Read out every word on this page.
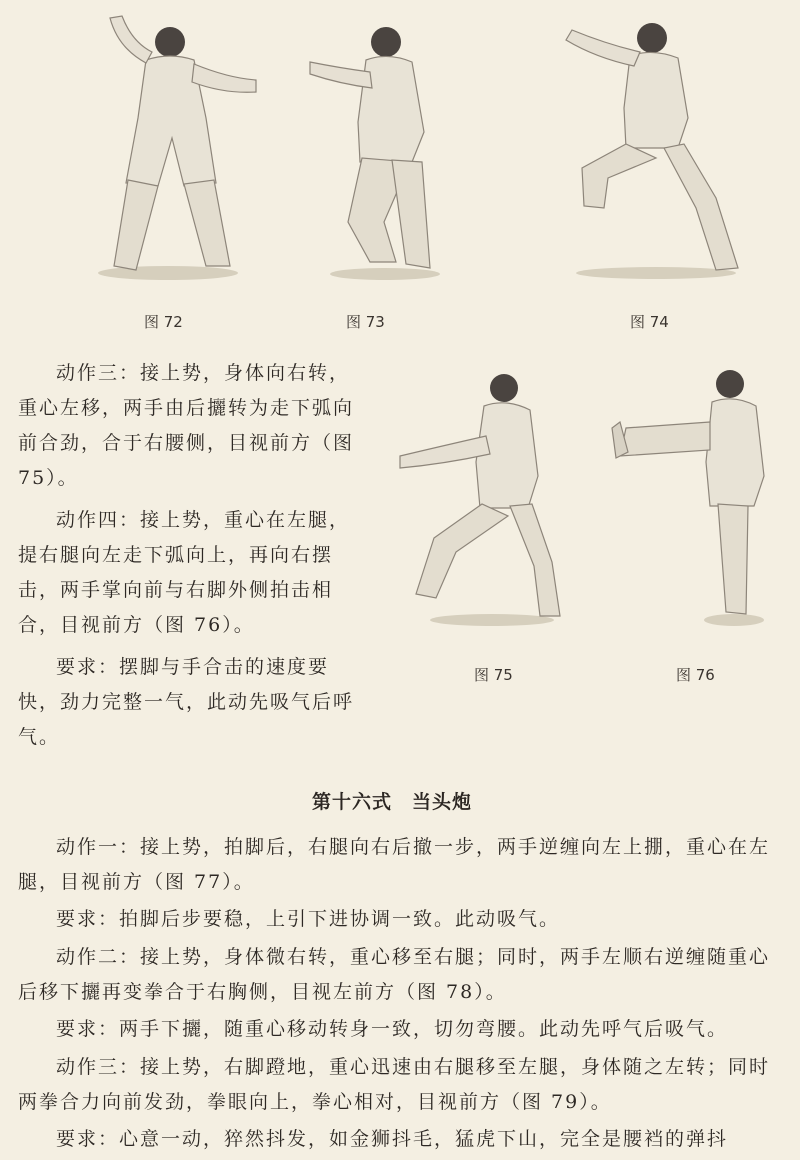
图 72	图 73	图 74
图 75	图 76

动作三：接上势，身体向右转，重心左移，两手由后攦转为走下弧向前合劲，合于右腰侧，目视前方（图 75）。

动作四：接上势，重心在左腿，提右腿向左走下弧向上，再向右摆击，两手掌向前与右脚外侧拍击相合，目视前方（图 76）。

要求：摆脚与手合击的速度要快，劲力完整一气，此动先吸气后呼气。

第十六式　当头炮

动作一：接上势，拍脚后，右腿向右后撤一步，两手逆缠向左上掤，重心在左腿，目视前方（图 77）。

要求：拍脚后步要稳，上引下进协调一致。此动吸气。

动作二：接上势，身体微右转，重心移至右腿；同时，两手左顺右逆缠随重心后移下攦再变拳合于右胸侧，目视左前方（图 78）。

要求：两手下攦，随重心移动转身一致，切勿弯腰。此动先呼气后吸气。

动作三：接上势，右脚蹬地，重心迅速由右腿移至左腿，身体随之左转；同时两拳合力向前发劲，拳眼向上，拳心相对，目视前方（图 79）。

要求：心意一动，猝然抖发，如金狮抖毛，猛虎下山，完全是腰裆的弹抖
